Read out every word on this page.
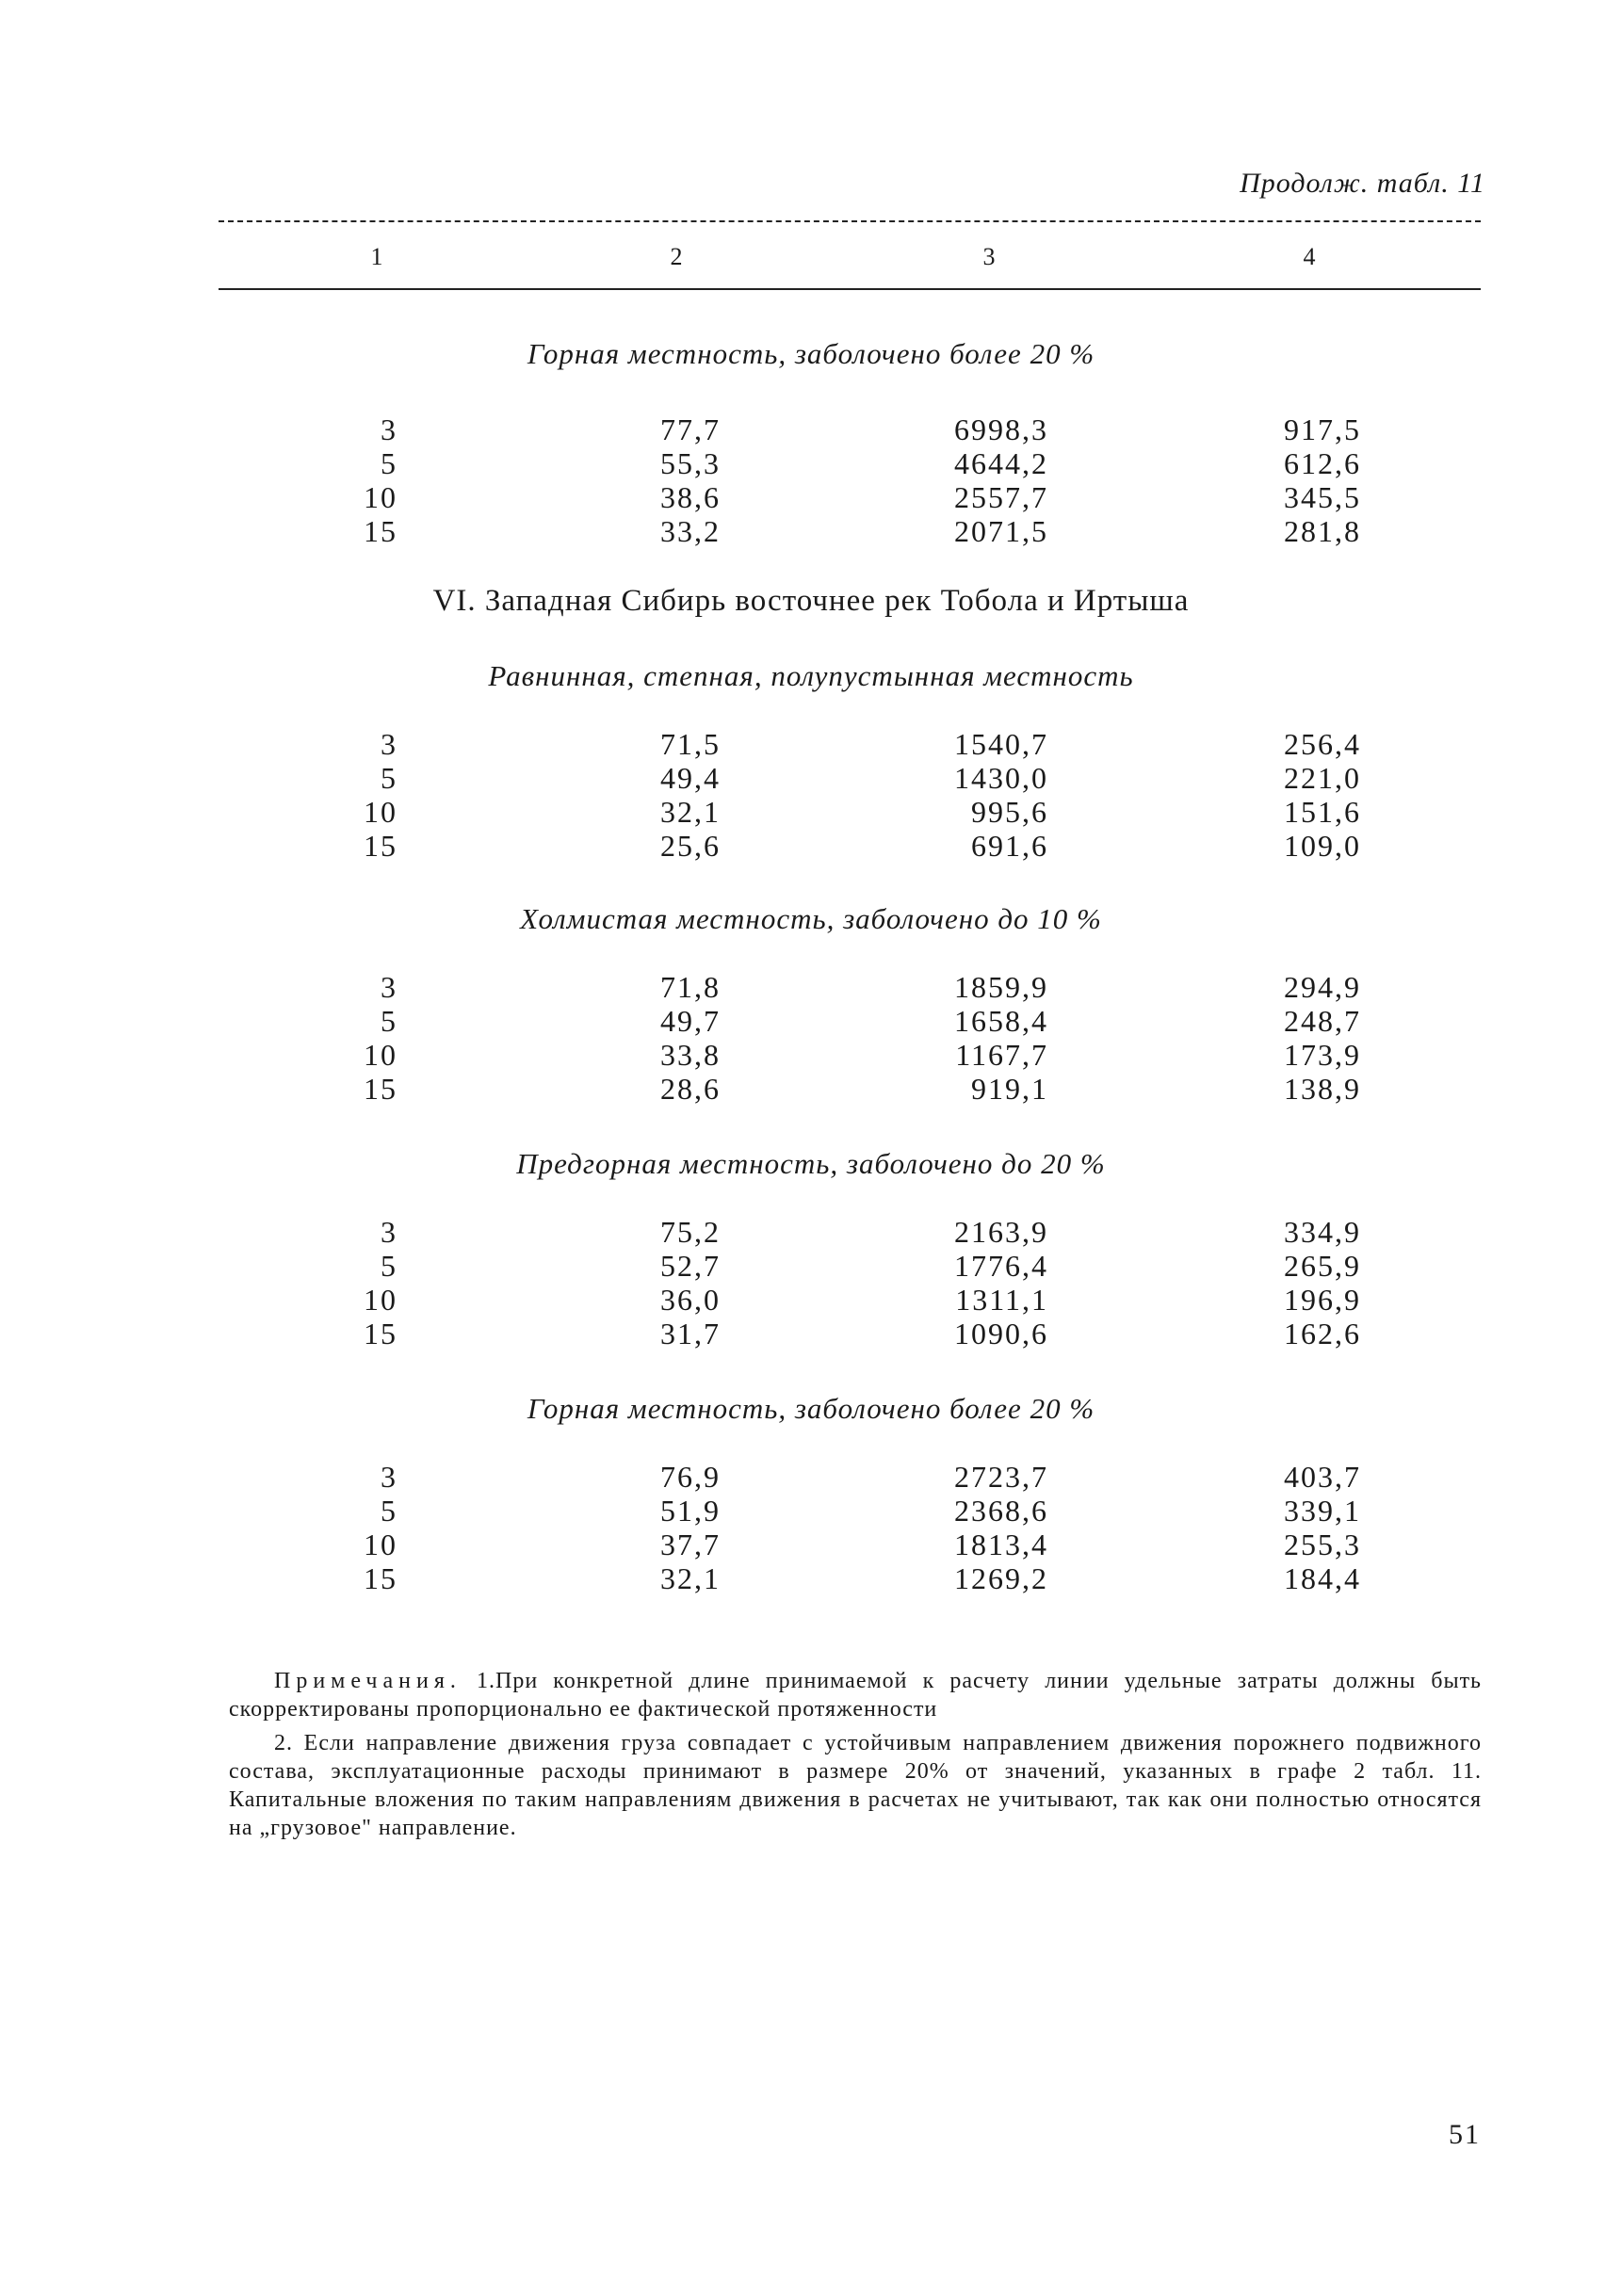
Продолж. табл. 11
1	2	3	4
Горная местность, заболочено более 20 %
3	77,7	6998,3	917,5
5	55,3	4644,2	612,6
10	38,6	2557,7	345,5
15	33,2	2071,5	281,8
VI. Западная Сибирь восточнее рек Тобола и Иртыша
Равнинная, степная, полупустынная местность
3	71,5	1540,7	256,4
5	49,4	1430,0	221,0
10	32,1	995,6	151,6
15	25,6	691,6	109,0
Холмистая местность, заболочено до 10 %
3	71,8	1859,9	294,9
5	49,7	1658,4	248,7
10	33,8	1167,7	173,9
15	28,6	919,1	138,9
Предгорная местность, заболочено до 20 %
3	75,2	2163,9	334,9
5	52,7	1776,4	265,9
10	36,0	1311,1	196,9
15	31,7	1090,6	162,6
Горная местность, заболочено более 20 %
3	76,9	2723,7	403,7
5	51,9	2368,6	339,1
10	37,7	1813,4	255,3
15	32,1	1269,2	184,4

Примечания. 1.При конкретной длине принимаемой к расчету линии удельные затраты должны быть скорректированы пропорционально ее фактической протяженности

2. Если направление движения груза совпадает с устойчивым направлением движения порожнего подвижного состава, эксплуатационные расходы принимают в размере 20% от значений, указанных в графе 2 табл. 11. Капитальные вложения по таким направлениям движения в расчетах не учитывают, так как они полностью относятся на „грузовое" направление.

51
